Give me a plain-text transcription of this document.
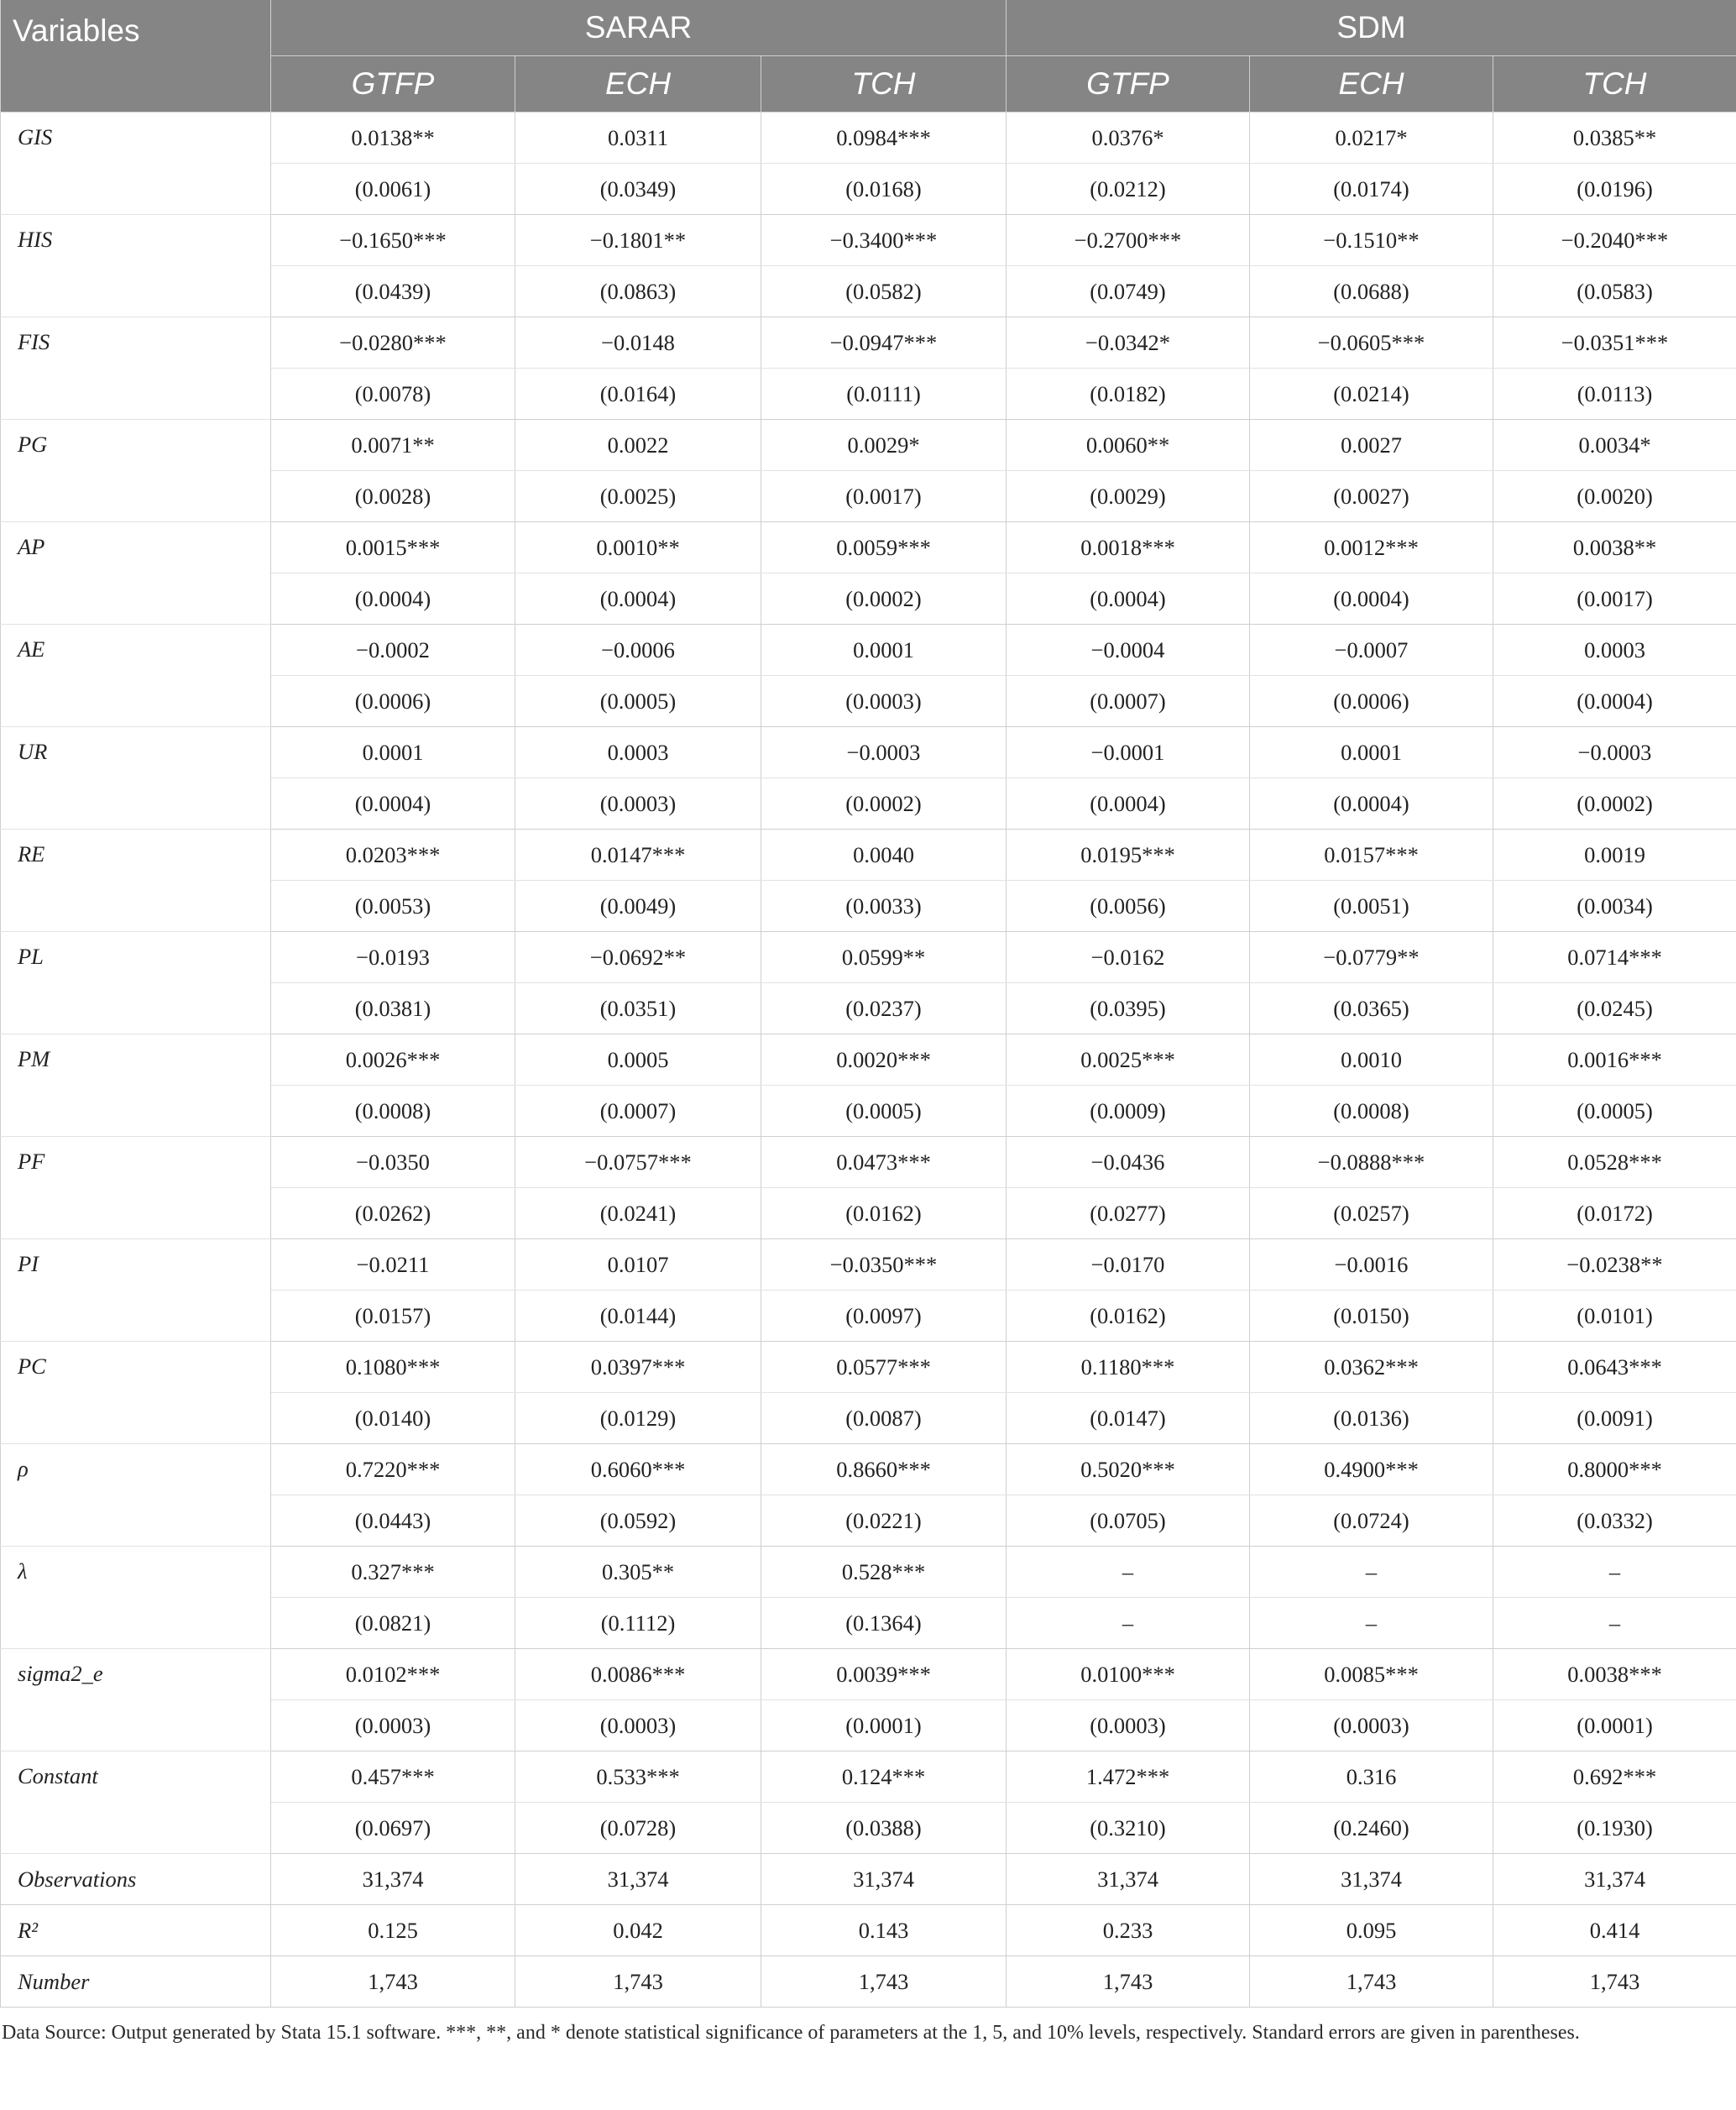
Variables	SARAR			SDM		
	GTFP	ECH	TCH	GTFP	ECH	TCH
GIS	0.0138**	0.0311	0.0984***	0.0376*	0.0217*	0.0385**
	(0.0061)	(0.0349)	(0.0168)	(0.0212)	(0.0174)	(0.0196)
HIS	−0.1650***	−0.1801**	−0.3400***	−0.2700***	−0.1510**	−0.2040***
	(0.0439)	(0.0863)	(0.0582)	(0.0749)	(0.0688)	(0.0583)
FIS	−0.0280***	−0.0148	−0.0947***	−0.0342*	−0.0605***	−0.0351***
	(0.0078)	(0.0164)	(0.0111)	(0.0182)	(0.0214)	(0.0113)
PG	0.0071**	0.0022	0.0029*	0.0060**	0.0027	0.0034*
	(0.0028)	(0.0025)	(0.0017)	(0.0029)	(0.0027)	(0.0020)
AP	0.0015***	0.0010**	0.0059***	0.0018***	0.0012***	0.0038**
	(0.0004)	(0.0004)	(0.0002)	(0.0004)	(0.0004)	(0.0017)
AE	−0.0002	−0.0006	0.0001	−0.0004	−0.0007	0.0003
	(0.0006)	(0.0005)	(0.0003)	(0.0007)	(0.0006)	(0.0004)
UR	0.0001	0.0003	−0.0003	−0.0001	0.0001	−0.0003
	(0.0004)	(0.0003)	(0.0002)	(0.0004)	(0.0004)	(0.0002)
RE	0.0203***	0.0147***	0.0040	0.0195***	0.0157***	0.0019
	(0.0053)	(0.0049)	(0.0033)	(0.0056)	(0.0051)	(0.0034)
PL	−0.0193	−0.0692**	0.0599**	−0.0162	−0.0779**	0.0714***
	(0.0381)	(0.0351)	(0.0237)	(0.0395)	(0.0365)	(0.0245)
PM	0.0026***	0.0005	0.0020***	0.0025***	0.0010	0.0016***
	(0.0008)	(0.0007)	(0.0005)	(0.0009)	(0.0008)	(0.0005)
PF	−0.0350	−0.0757***	0.0473***	−0.0436	−0.0888***	0.0528***
	(0.0262)	(0.0241)	(0.0162)	(0.0277)	(0.0257)	(0.0172)
PI	−0.0211	0.0107	−0.0350***	−0.0170	−0.0016	−0.0238**
	(0.0157)	(0.0144)	(0.0097)	(0.0162)	(0.0150)	(0.0101)
PC	0.1080***	0.0397***	0.0577***	0.1180***	0.0362***	0.0643***
	(0.0140)	(0.0129)	(0.0087)	(0.0147)	(0.0136)	(0.0091)
ρ	0.7220***	0.6060***	0.8660***	0.5020***	0.4900***	0.8000***
	(0.0443)	(0.0592)	(0.0221)	(0.0705)	(0.0724)	(0.0332)
λ	0.327***	0.305**	0.528***	–	–	–
	(0.0821)	(0.1112)	(0.1364)	–	–	–
sigma2_e	0.0102***	0.0086***	0.0039***	0.0100***	0.0085***	0.0038***
	(0.0003)	(0.0003)	(0.0001)	(0.0003)	(0.0003)	(0.0001)
Constant	0.457***	0.533***	0.124***	1.472***	0.316	0.692***
	(0.0697)	(0.0728)	(0.0388)	(0.3210)	(0.2460)	(0.1930)
Observations	31,374	31,374	31,374	31,374	31,374	31,374
R²	0.125	0.042	0.143	0.233	0.095	0.414
Number	1,743	1,743	1,743	1,743	1,743	1,743
Data Source: Output generated by Stata 15.1 software. ***, **, and * denote statistical significance of parameters at the 1, 5, and 10% levels, respectively. Standard errors are given in parentheses.
